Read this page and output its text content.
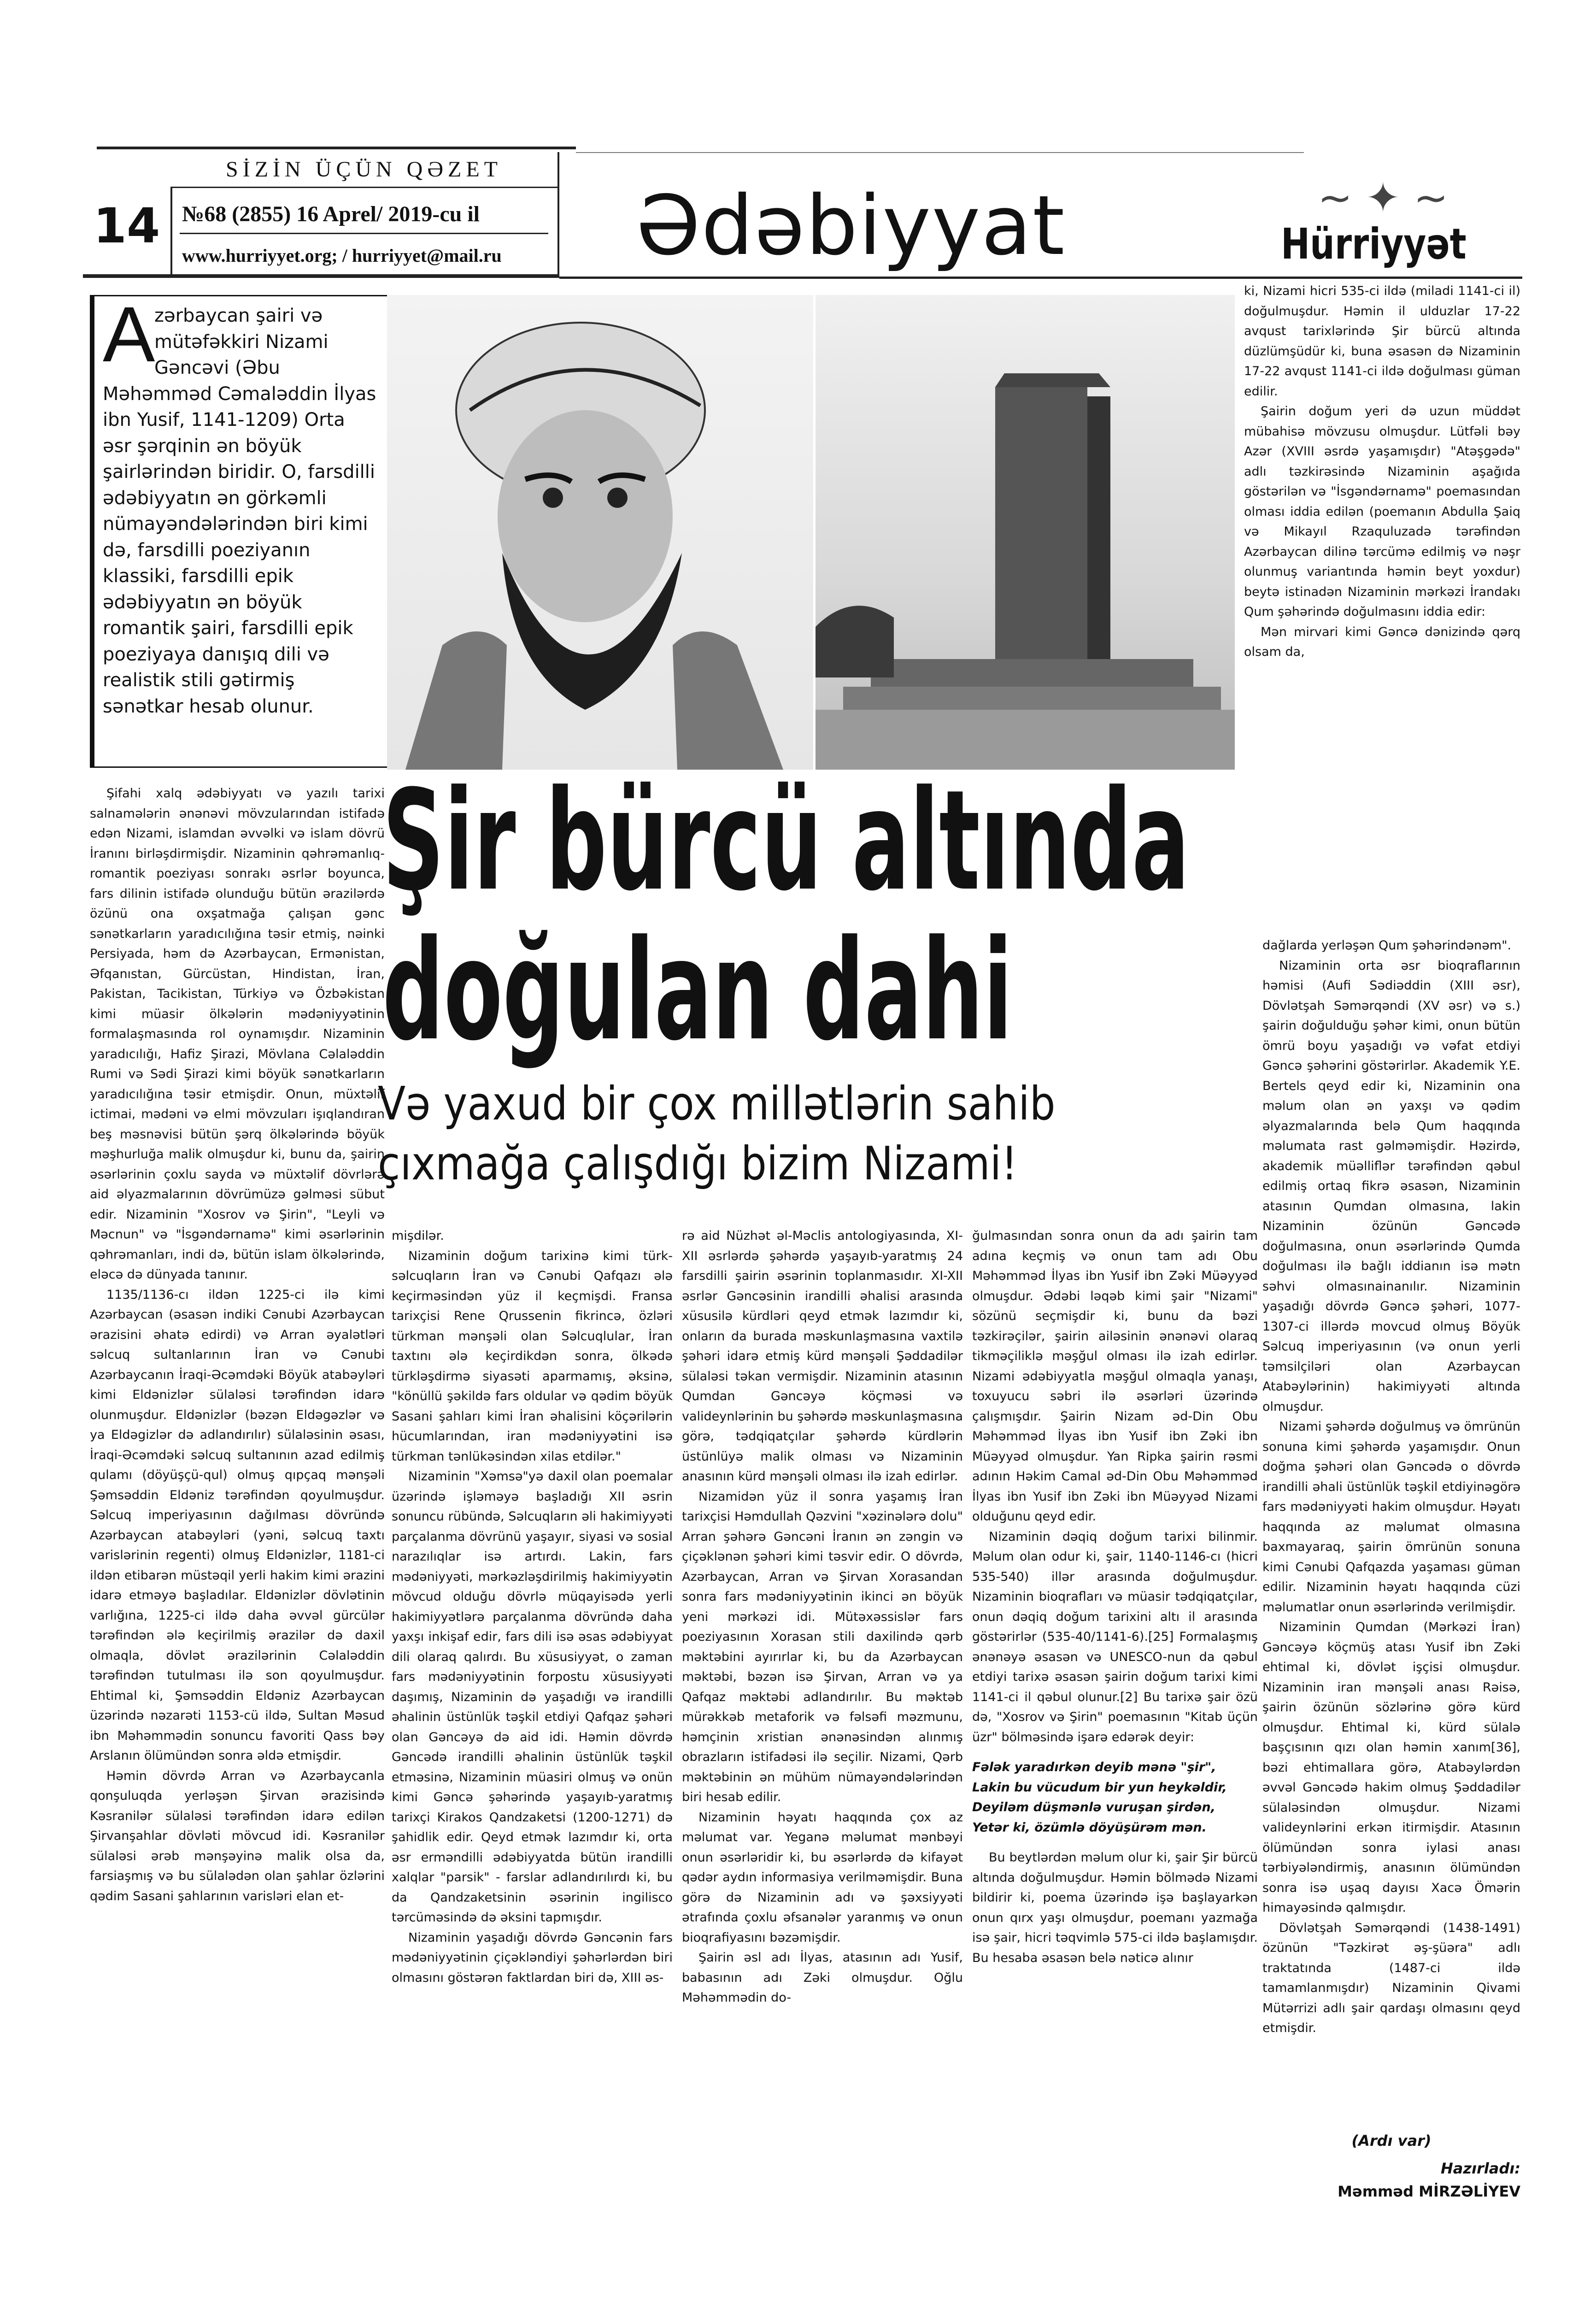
SİZİN ÜÇÜN QƏZET
14 №68 (2855) 16 Aprel/ 2019-cu il
www.hurriyyet.org; / hurriyyet@mail.ru	Ədəbiyyat	~ ✦ ~
Hürriyyət
A
zərbaycan şairi və mütəfəkkiri Nizami Gəncəvi (Əbu Məhəmməd Cəmaləddin İlyas ibn Yusif, 1141-1209) Orta əsr şərqinin ən böyük şairlərindən biridir. O, farsdilli ədəbiyyatın ən görkəmli nümayəndələrindən biri kimi də, farsdilli poeziyanın klassiki, farsdilli epik ədəbiyyatın ən böyük romantik şairi, farsdilli epik poeziyaya danışıq dili və realistik stili gətirmiş sənətkar hesab olunur.
Şir bürcü altında
doğulan dahi
Və yaxud bir çox millətlərin sahib
çıxmağa çalışdığı bizim Nizami!

Şifahi xalq ədəbiyyatı və yazılı tarixi salnamələrin ənənəvi mövzularından istifadə edən Nizami, islamdan əvvəlki və islam dövrü İranını birləşdirmişdir. Nizaminin qəhrəmanlıq-romantik poeziyası sonrakı əsrlər boyunca, fars dilinin istifadə olunduğu bütün ərazilərdə özünü ona oxşatmağa çalışan gənc sənətkarların yaradıcılığına təsir etmiş, nəinki Persiyada, həm də Azərbaycan, Ermənistan, Əfqanıstan, Gürcüstan, Hindistan, İran, Pakistan, Tacikistan, Türkiyə və Özbəkistan kimi müasir ölkələrin mədəniyyətinin formalaşmasında rol oynamışdır. Nizaminin yaradıcılığı, Hafiz Şirazi, Mövlana Cəlaləddin Rumi və Sədi Şirazi kimi böyük sənətkarların yaradıcılığına təsir etmişdir. Onun, müxtəlif ictimai, mədəni və elmi mövzuları işıqlandıran beş məsnəvisi bütün şərq ölkələrində böyük məşhurluğa malik olmuşdur ki, bunu da, şairin əsərlərinin çoxlu sayda və müxtəlif dövrlərə aid əlyazmalarının dövrümüzə gəlməsi sübut edir. Nizaminin "Xosrov və Şirin", "Leyli və Məcnun" və "İsgəndərnamə" kimi əsərlərinin qəhrəmanları, indi də, bütün islam ölkələrində, eləcə də dünyada tanınır.

1135/1136-cı ildən 1225-ci ilə kimi Azərbaycan (əsasən indiki Cənubi Azərbaycan ərazisini əhatə edirdi) və Arran əyalətləri səlcuq sultanlarının İran və Cənubi Azərbaycanın İraqi-Əcəmdəki Böyük atabəyləri kimi Eldənizlər sülaləsi tərəfindən idarə olunmuşdur. Eldənizlər (bəzən Eldəgəzlər və ya Eldəgizlər də adlandırılır) sülaləsinin əsası, İraqi-Əcəmdəki səlcuq sultanının azad edilmiş qulamı (döyüşçü-qul) olmuş qıpçaq mənşəli Şəmsəddin Eldəniz tərəfindən qoyulmuşdur. Səlcuq imperiyasının dağılması dövründə Azərbaycan atabəyləri (yəni, səlcuq taxtı varislərinin regenti) olmuş Eldənizlər, 1181-ci ildən etibarən müstəqil yerli hakim kimi ərazini idarə etməyə başladılar. Eldənizlər dövlətinin varlığına, 1225-ci ildə daha əvvəl gürcülər tərəfindən ələ keçirilmiş ərazilər də daxil olmaqla, dövlət ərazilərinin Cəlaləddin tərəfindən tutulması ilə son qoyulmuşdur. Ehtimal ki, Şəmsəddin Eldəniz Azərbaycan üzərində nəzarəti 1153-cü ildə, Sultan Məsud ibn Məhəmmədin sonuncu favoriti Qass bəy Arslanın ölümündən sonra əldə etmişdir.

Həmin dövrdə Arran və Azərbaycanla qonşuluqda yerləşən Şirvan ərazisində Kəsranilər sülaləsi tərəfindən idarə edilən Şirvanşahlar dövləti mövcud idi. Kəsranilər sülaləsi ərəb mənşəyinə malik olsa da, farsiaşmış və bu sülalədən olan şahlar özlərini qədim Sasani şahlarının varisləri elan et-

mişdilər.

Nizaminin doğum tarixinə kimi türk-səlcuqların İran və Cənubi Qafqazı ələ keçirməsindən yüz il keçmişdi. Fransa tarixçisi Rene Qrussenin fikrincə, özləri türkman mənşəli olan Səlcuqlular, İran taxtını ələ keçirdikdən sonra, ölkədə türkləşdirmə siyasəti aparmamış, əksinə, "könüllü şəkildə fars oldular və qədim böyük Sasani şahları kimi İran əhalisini köçərilərin hücumlarından, iran mədəniyyətini isə türkman tənlükəsindən xilas etdilər."

Nizaminin "Xəmsə"yə daxil olan poemalar üzərində işləməyə başladığı XII əsrin sonuncu rübündə, Səlcuqların əli hakimiyyəti parçalanma dövrünü yaşayır, siyasi və sosial narazılıqlar isə artırdı. Lakin, fars mədəniyyəti, mərkəzləşdirilmiş hakimiyyətin mövcud olduğu dövrlə müqayisədə yerli hakimiyyətlərə parçalanma dövründə daha yaxşı inkişaf edir, fars dili isə əsas ədəbiyyat dili olaraq qalırdı. Bu xüsusiyyət, o zaman fars mədəniyyətinin forpostu xüsusiyyəti daşımış, Nizaminin də yaşadığı və irandilli əhalinin üstünlük təşkil etdiyi Qafqaz şəhəri olan Gəncəyə də aid idi. Həmin dövrdə Gəncədə irandilli əhalinin üstünlük təşkil etməsinə, Nizaminin müasiri olmuş və onün kimi Gəncə şəhərində yaşayıb-yaratmış tarixçi Kirakos Qandzaketsi (1200-1271) də şahidlik edir. Qeyd etmək lazımdır ki, orta əsr erməndilli ədəbiyyatda bütün irandilli xalqlar "parsik" - farslar adlandırılırdı ki, bu da Qandzaketsinin əsərinin ingilisco tərcüməsində də əksini tapmışdır.

Nizaminin yaşadığı dövrdə Gəncənin fars mədəniyyətinin çiçəkləndiyi şəhərlərdən biri olmasını göstərən faktlardan biri də, XIII əs-

rə aid Nüzhət əl-Məclis antologiyasında, XI-XII əsrlərdə şəhərdə yaşayıb-yaratmış 24 farsdilli şairin əsərinin toplanmasıdır. XI-XII əsrlər Gəncəsinin irandilli əhalisi arasında xüsusilə kürdləri qeyd etmək lazımdır ki, onların da burada məskunlaşmasına vaxtilə şəhəri idarə etmiş kürd mənşəli Şəddadilər sülaləsi təkan vermişdir. Nizaminin atasının Qumdan Gəncəyə köçməsi və valideynlərinin bu şəhərdə məskunlaşmasına görə, tədqiqatçılar şəhərdə kürdlərin üstünlüyə malik olması və Nizaminin anasının kürd mənşəli olması ilə izah edirlər.

Nizamidən yüz il sonra yaşamış İran tarixçisi Həmdullah Qəzvini "xəzinələrə dolu" Arran şəhərə Gəncəni İranın ən zəngin və çiçəklənən şəhəri kimi təsvir edir. O dövrdə, Azərbaycan, Arran və Şirvan Xorasandan sonra fars mədəniyyətinin ikinci ən böyük yeni mərkəzi idi. Mütəxəssislər fars poeziyasının Xorasan stili daxilində qərb məktəbini ayırırlar ki, bu da Azərbaycan məktəbi, bəzən isə Şirvan, Arran və ya Qafqaz məktəbi adlandırılır. Bu məktəb mürəkkəb metaforik və fəlsəfi məzmunu, həmçinin xristian ənənəsindən alınmış obrazların istifadəsi ilə seçilir. Nizami, Qərb məktəbinin ən mühüm nümayəndələrindən biri hesab edilir.

Nizaminin həyatı haqqında çox az məlumat var. Yeganə məlumat mənbəyi onun əsərləridir ki, bu əsərlərdə də kifayət qədər aydın informasiya verilməmişdir. Buna görə də Nizaminin adı və şəxsiyyəti ətrafında çoxlu əfsanələr yaranmış və onun bioqrafiyasını bəzəmişdir.

Şairin əsl adı İlyas, atasının adı Yusif, babasının adı Zəki olmuşdur. Oğlu Məhəmmədin do-

ğulmasından sonra onun da adı şairin tam adına keçmiş və onun tam adı Obu Məhəmməd İlyas ibn Yusif ibn Zəki Müəyyəd olmuşdur. Ədəbi ləqəb kimi şair "Nizami" sözünü seçmişdir ki, bunu da bəzi təzkirəçilər, şairin ailəsinin ənənəvi olaraq tikməçiliklə məşğul olması ilə izah edirlər. Nizami ədəbiyyatla məşğul olmaqla yanaşı, toxuyucu səbri ilə əsərləri üzərində çalışmışdır. Şairin Nizam əd-Din Obu Məhəmməd İlyas ibn Yusif ibn Zəki ibn Müəyyəd olmuşdur. Yan Ripka şairin rəsmi adının Həkim Camal əd-Din Obu Məhəmməd İlyas ibn Yusif ibn Zəki ibn Müəyyəd Nizami olduğunu qeyd edir.

Nizaminin dəqiq doğum tarixi bilinmir. Məlum olan odur ki, şair, 1140-1146-cı (hicri 535-540) illər arasında doğulmuşdur. Nizaminin bioqrafları və müasir tədqiqatçılar, onun dəqiq doğum tarixini altı il arasında göstərirlər (535-40/1141-6).[25] Formalaşmış ənənəyə əsasən və UNESCO-nun da qəbul etdiyi tarixə əsasən şairin doğum tarixi kimi 1141-ci il qəbul olunur.[2] Bu tarixə şair özü də, "Xosrov və Şirin" poemasının "Kitab üçün üzr" bölməsində işarə edərək deyir:

Fələk yaradırkən deyib mənə "şir",
Lakin bu vücudum bir yun heykəldir,
Deyiləm düşmənlə vuruşan şirdən,
Yetər ki, özümlə döyüşürəm mən.

Bu beytlərdən məlum olur ki, şair Şir bürcü altında doğulmuşdur. Həmin bölmədə Nizami bildirir ki, poema üzərində işə başlayarkən onun qırx yaşı olmuşdur, poemanı yazmağa isə şair, hicri təqvimlə 575-ci ildə başlamışdır. Bu hesaba əsasən belə nəticə alınır

ki, Nizami hicri 535-ci ildə (miladi 1141-ci il) doğulmuşdur. Həmin il ulduzlar 17-22 avqust tarixlərində Şir bürcü altında düzlümşüdür ki, buna əsasən də Nizaminin 17-22 avqust 1141-ci ildə doğulması güman edilir.

Şairin doğum yeri də uzun müddət mübahisə mövzusu olmuşdur. Lütfəli bəy Azər (XVIII əsrdə yaşamışdır) "Atəşgədə" adlı təzkirəsində Nizaminin aşağıda göstərilən və "İsgəndərnamə" poemasından olması iddia edilən (poemanın Abdulla Şaiq və Mikayıl Rzaquluzadə tərəfindən Azərbaycan dilinə tərcümə edilmiş və nəşr olunmuş variantında həmin beyt yoxdur) beytə istinadən Nizaminin mərkəzi İrandakı Qum şəhərində doğulmasını iddia edir:

Mən mirvari kimi Gəncə dənizində qərq olsam da,

dağlarda yerləşən Qum şəhərindənəm".

Nizaminin orta əsr bioqraflarının həmisi (Aufi Sədiəddin (XIII əsr), Dövlətşah Səmərqəndi (XV əsr) və s.) şairin doğulduğu şəhər kimi, onun bütün ömrü boyu yaşadığı və vəfat etdiyi Gəncə şəhərini göstərirlər. Akademik Y.E. Bertels qeyd edir ki, Nizaminin ona məlum olan ən yaxşı və qədim əlyazmalarında belə Qum haqqında məlumata rast gəlməmişdir. Həzirdə, akademik müəlliflər tərəfindən qəbul edilmiş ortaq fikrə əsasən, Nizaminin atasının Qumdan olmasına, lakin Nizaminin özünün Gəncədə doğulmasına, onun əsərlərində Qumda doğulması ilə bağlı iddianın isə mətn səhvi olmasınainanılır. Nizaminin yaşadığı dövrdə Gəncə şəhəri, 1077-1307-ci illərdə movcud olmuş Böyük Səlcuq imperiyasının (və onun yerli təmsilçiləri olan Azərbaycan Atabəylərinin) hakimiyyəti altında olmuşdur.

Nizami şəhərdə doğulmuş və ömrünün sonuna kimi şəhərdə yaşamışdır. Onun doğma şəhəri olan Gəncədə o dövrdə irandilli əhali üstünlük təşkil etdiyinəgörə fars mədəniyyəti hakim olmuşdur. Həyatı haqqında az məlumat olmasına baxmayaraq, şairin ömrünün sonuna kimi Cənubi Qafqazda yaşaması güman edilir. Nizaminin həyatı haqqında cüzi məlumatlar onun əsərlərində verilmişdir.

Nizaminin Qumdan (Mərkəzi İran) Gəncəyə köçmüş atası Yusif ibn Zəki ehtimal ki, dövlət işçisi olmuşdur. Nizaminin iran mənşəli anası Rəisə, şairin özünün sözlərinə görə kürd olmuşdur. Ehtimal ki, kürd sülalə başçısının qızı olan həmin xanım[36], bəzi ehtimallara görə, Atabəylərdən əvvəl Gəncədə hakim olmuş Şəddadilər sülaləsindən olmuşdur. Nizami valideynlərini erkən itirmişdir. Atasının ölümündən sonra iylasi anası tərbiyələndirmiş, anasının ölümündən sonra isə uşaq dayısı Xacə Ömərin himayəsində qalmışdır.

Dövlətşah Səmərqəndi (1438-1491) özünün "Təzkirət əş-şüəra" adlı traktatında (1487-ci ildə tamamlanmışdır) Nizaminin Qivami Mütərrizi adlı şair qardaşı olmasını qeyd etmişdir.

(Ardı var)
Hazırladı:
Məmməd MİRZƏLİYEV
